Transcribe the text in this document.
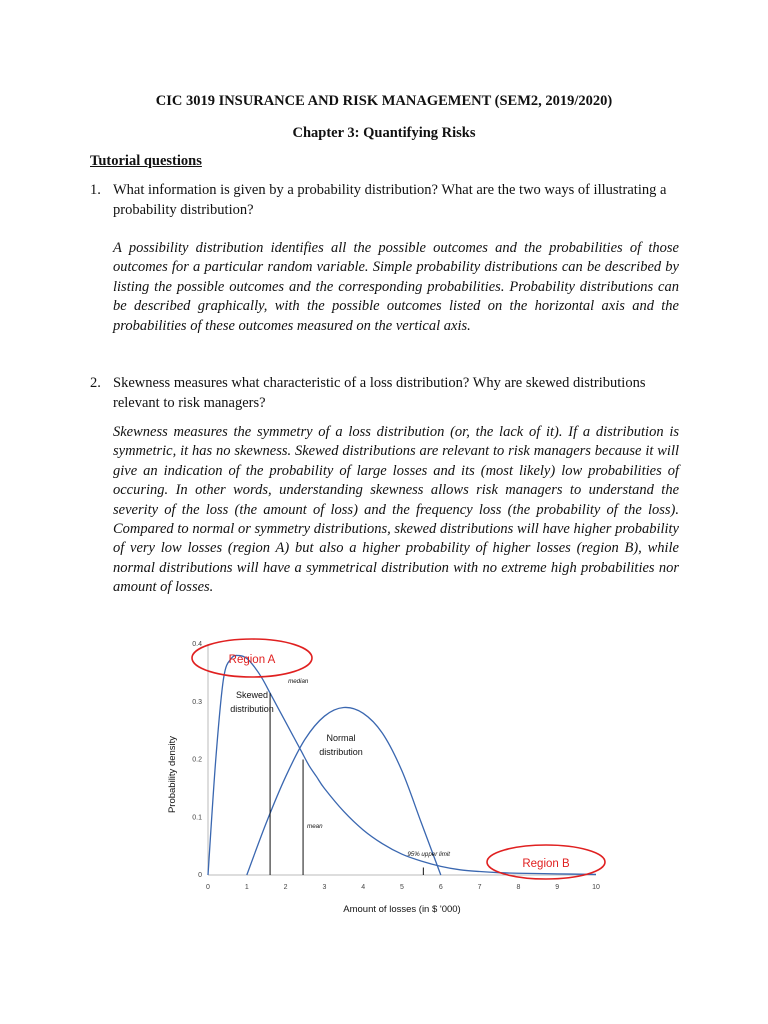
CIC 3019 INSURANCE AND RISK MANAGEMENT (SEM2, 2019/2020)

Chapter 3: Quantifying Risks

Tutorial questions

1. What information is given by a probability distribution? What are the two ways of illustrating a probability distribution?
A possibility distribution identifies all the possible outcomes and the probabilities of those outcomes for a particular random variable. Simple probability distributions can be described by listing the possible outcomes and the corresponding probabilities. Probability distributions can be described graphically, with the possible outcomes listed on the horizontal axis and the probabilities of these outcomes measured on the vertical axis.
2. Skewness measures what characteristic of a loss distribution? Why are skewed distributions relevant to risk managers?
Skewness measures the symmetry of a loss distribution (or, the lack of it). If a distribution is symmetric, it has no skewness. Skewed distributions are relevant to risk managers because it will give an indication of the probability of large losses and its (most likely) low probabilities of occuring. In other words, understanding skewness allows risk managers to understand the severity of the loss (the amount of loss) and the frequency loss (the probability of the loss). Compared to normal or symmetry distributions, skewed distributions will have higher probability of very low losses (region A) but also a higher probability of higher losses (region B), while normal distributions will have a symmetrical distribution with no extreme high probabilities nor amount of losses.
0	1	2	3	4	5	6	7	8	9	10
0
0.1
0.2
0.3
0.4
Amount of losses (in $ '000)
Probability density
median
mean
95% upper limit
Skewed
distribution
Normal
distribution
Region A
Region B
